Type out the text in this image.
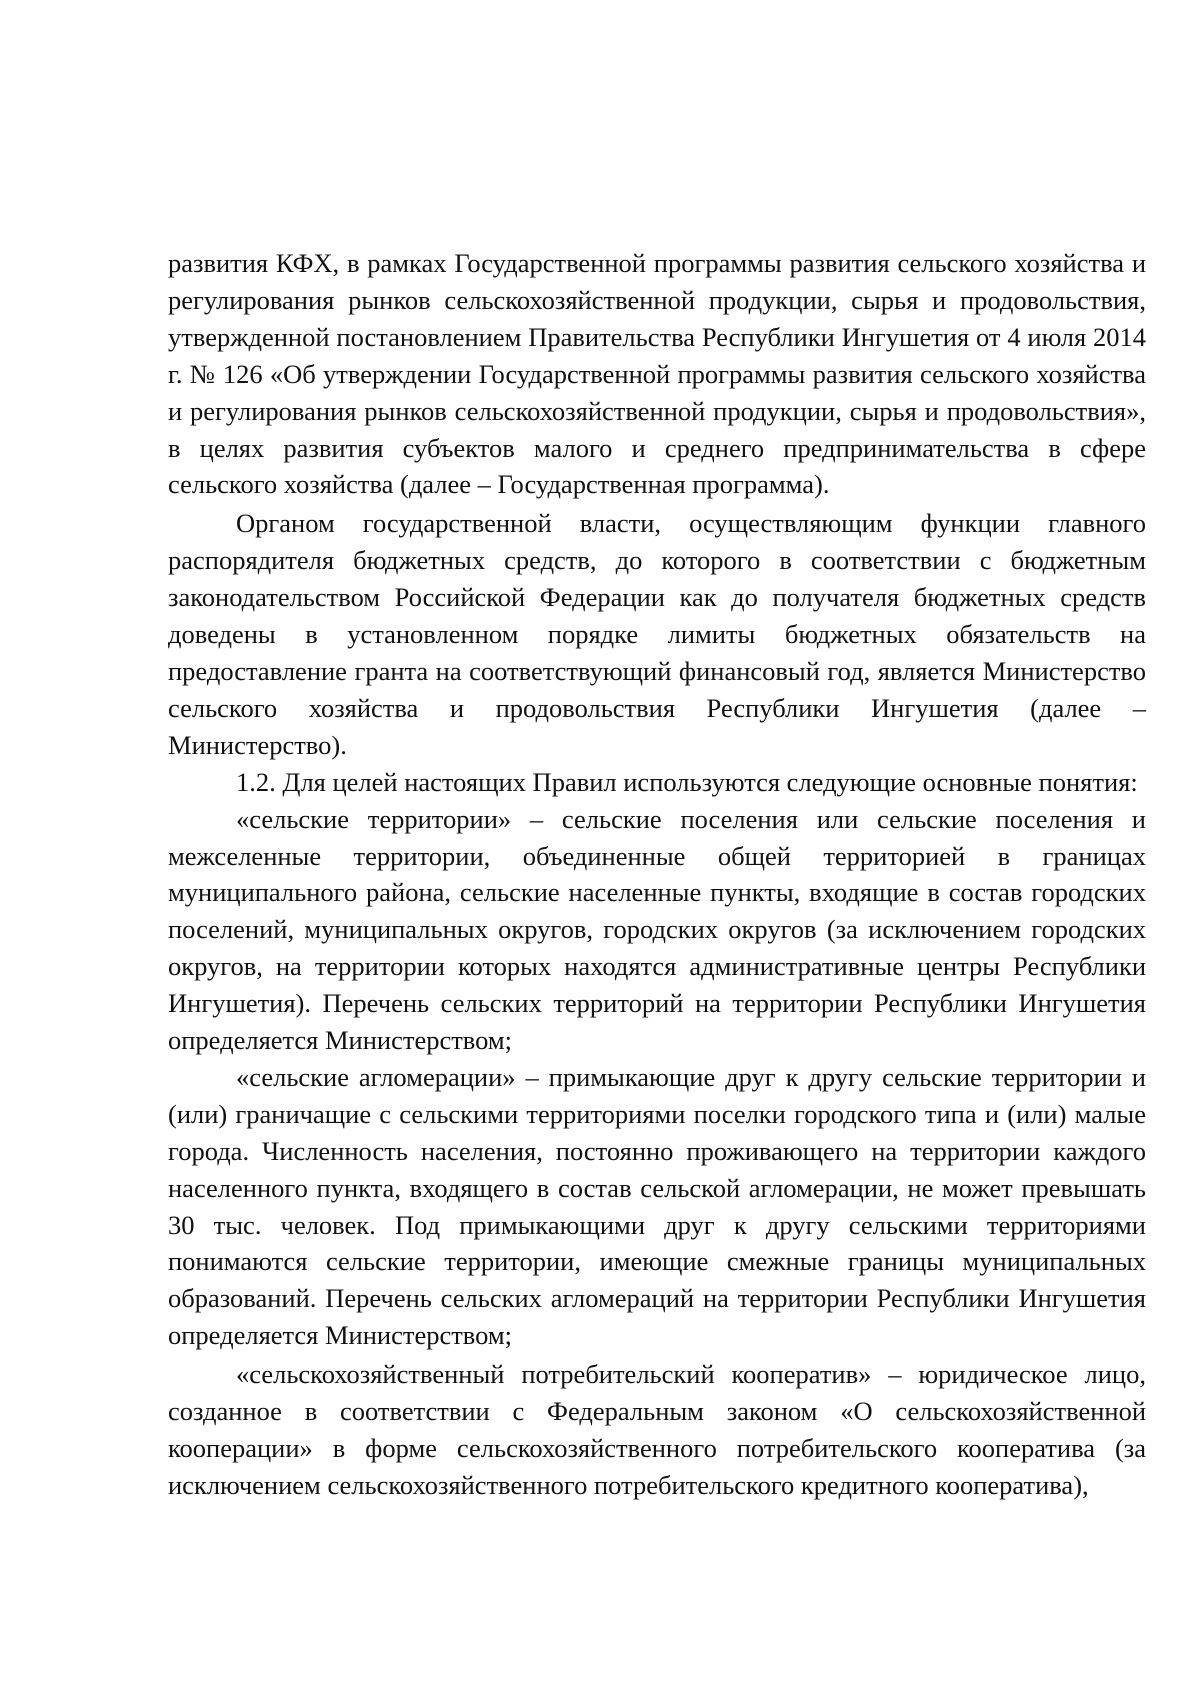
развития КФХ, в рамках Государственной программы развития сельского хозяйства и регулирования рынков сельскохозяйственной продукции, сырья и продовольствия, утвержденной постановлением Правительства Республики Ингушетия от 4 июля 2014 г. № 126 «Об утверждении Государственной программы развития сельского хозяйства и регулирования рынков сельскохозяйственной продукции, сырья и продовольствия», в целях развития субъектов малого и среднего предпринимательства в сфере сельского хозяйства (далее – Государственная программа).

Органом государственной власти, осуществляющим функции главного распорядителя бюджетных средств, до которого в соответствии с бюджетным законодательством Российской Федерации как до получателя бюджетных средств доведены в установленном порядке лимиты бюджетных обязательств на предоставление гранта на соответствующий финансовый год, является Министерство сельского хозяйства и продовольствия Республики Ингушетия (далее – Министерство).

1.2. Для целей настоящих Правил используются следующие основные понятия:

«сельские территории» – сельские поселения или сельские поселения и межселенные территории, объединенные общей территорией в границах муниципального района, сельские населенные пункты, входящие в состав городских поселений, муниципальных округов, городских округов (за исключением городских округов, на территории которых находятся административные центры Республики Ингушетия). Перечень сельских территорий на территории Республики Ингушетия определяется Министерством;

«сельские агломерации» – примыкающие друг к другу сельские территории и (или) граничащие с сельскими территориями поселки городского типа и (или) малые города. Численность населения, постоянно проживающего на территории каждого населенного пункта, входящего в состав сельской агломерации, не может превышать 30 тыс. человек. Под примыкающими друг к другу сельскими территориями понимаются сельские территории, имеющие смежные границы муниципальных образований. Перечень сельских агломераций на территории Республики Ингушетия определяется Министерством;

«сельскохозяйственный потребительский кооператив» – юридическое лицо, созданное в соответствии с Федеральным законом «О сельскохозяйственной кооперации» в форме сельскохозяйственного потребительского кооператива (за исключением сельскохозяйственного потребительского кредитного кооператива),
